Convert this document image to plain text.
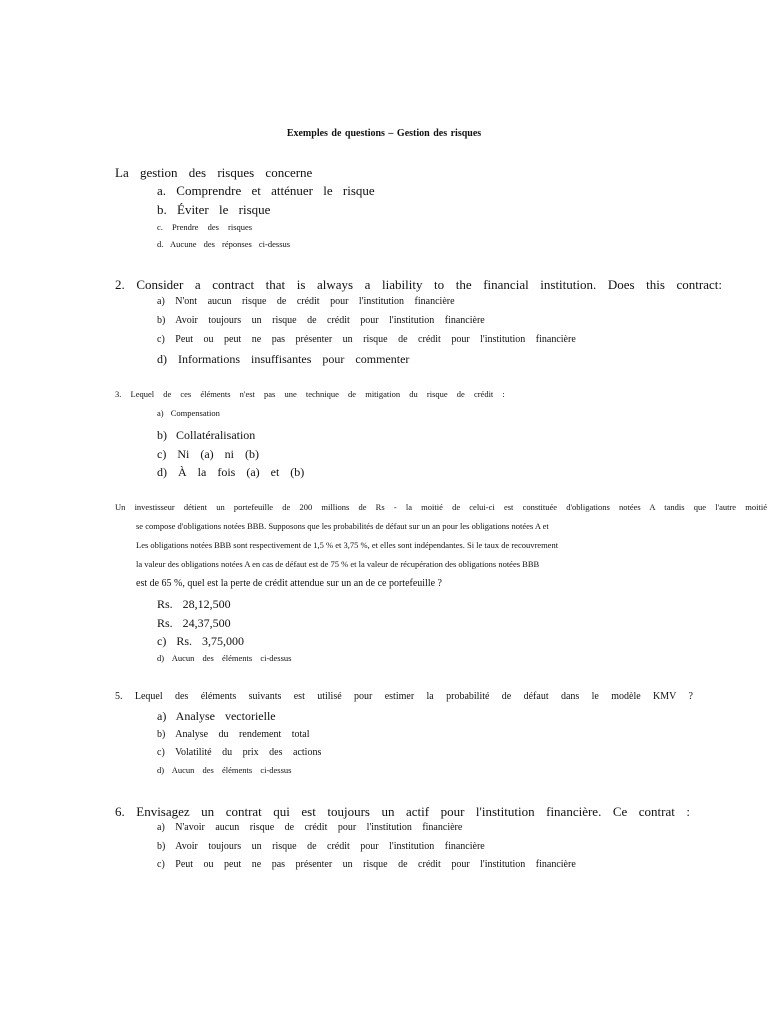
Exemples de questions – Gestion des risques
La gestion des risques concerne
a. Comprendre et atténuer le risque
b. Éviter le risque
c. Prendre des risques
d. Aucune des réponses ci-dessus
2. Consider a contract that is always a liability to the financial institution. Does this contract:
a) N'ont aucun risque de crédit pour l'institution financière
b) Avoir toujours un risque de crédit pour l'institution financière
c) Peut ou peut ne pas présenter un risque de crédit pour l'institution financière
d) Informations insuffisantes pour commenter
3. Lequel de ces éléments n'est pas une technique de mitigation du risque de crédit :
a) Compensation
b) Collatéralisation
c) Ni (a) ni (b)
d) À la fois (a) et (b)
Un investisseur détient un portefeuille de 200 millions de Rs - la moitié de celui-ci est constituée d'obligations notées A tandis que l'autre moitié
se compose d'obligations notées BBB. Supposons que les probabilités de défaut sur un an pour les obligations notées A et
Les obligations notées BBB sont respectivement de 1,5 % et 3,75 %, et elles sont indépendantes. Si le taux de recouvrement
la valeur des obligations notées A en cas de défaut est de 75 % et la valeur de récupération des obligations notées BBB
est de 65 %, quel est la perte de crédit attendue sur un an de ce portefeuille ?
Rs. 28,12,500
Rs. 24,37,500
c) Rs. 3,75,000
d) Aucun des éléments ci-dessus
5. Lequel des éléments suivants est utilisé pour estimer la probabilité de défaut dans le modèle KMV ?
a) Analyse vectorielle
b) Analyse du rendement total
c) Volatilité du prix des actions
d) Aucun des éléments ci-dessus
6. Envisagez un contrat qui est toujours un actif pour l'institution financière. Ce contrat :
a) N'avoir aucun risque de crédit pour l'institution financière
b) Avoir toujours un risque de crédit pour l'institution financière
c) Peut ou peut ne pas présenter un risque de crédit pour l'institution financière
